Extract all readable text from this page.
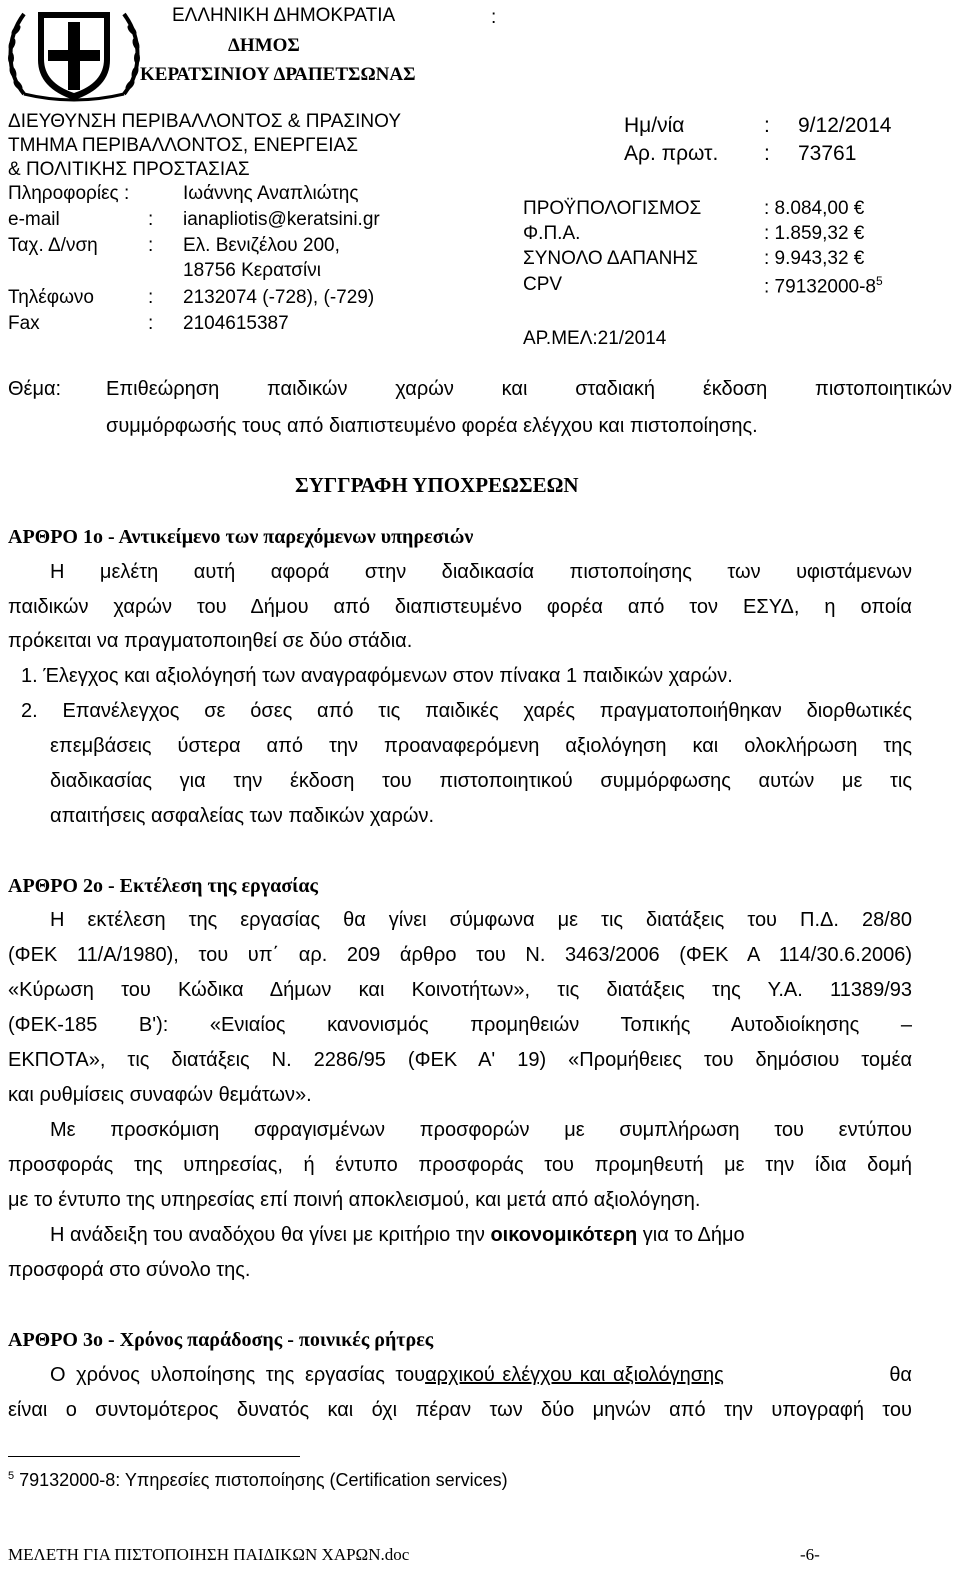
ΕΛΛΗΝΙΚΗ ΔΗΜΟΚΡΑΤΙΑ
ΔΗΜΟΣ
ΚΕΡΑΤΣΙΝΙΟΥ ΔΡΑΠΕΤΣΩΝΑΣ
:
ΔΙΕΥΘΥΝΣΗ ΠΕΡΙΒΑΛΛΟΝΤΟΣ & ΠΡΑΣΙΝΟΥ
ΤΜΗΜΑ ΠΕΡΙΒΑΛΛΟΝΤΟΣ, ΕΝΕΡΓΕΙΑΣ
& ΠΟΛΙΤΙΚΗΣ ΠΡΟΣΤΑΣΙΑΣ
Πληροφορίες :	Ιωάννης Αναπλιώτης
e-mail	: ianapliotis@keratsini.gr
Ταχ. Δ/νση	: Ελ. Βενιζέλου 200,
18756 Κερατσίνι
Τηλέφωνο	: 2132074 (-728), (-729)
Fax	: 2104615387
Ημ/νία	: 9/12/2014
Αρ. πρωτ. : 73761
ΠΡΟΫΠΟΛΟΓΙΣΜΟΣ	: 8.084,00 €
Φ.Π.Α.	: 1.859,32 €
ΣΥΝΟΛΟ ΔΑΠΑΝΗΣ	: 9.943,32 €
CPV	: $79132000-8^5$
ΑΡ.ΜΕΛ:21/2014
Θέμα: Επιθεώρηση παιδικών χαρών και σταδιακή έκδοση πιστοποιητικών
συμμόρφωσής τους από διαπιστευμένο φορέα ελέγχου και πιστοποίησης.
ΣΥΓΓΡΑΦΗ ΥΠΟΧΡΕΩΣΕΩΝ
ΑΡΘΡΟ 1ο - Αντικείμενο των παρεχόμενων υπηρεσιών
Η μελέτη αυτή αφορά στην διαδικασία πιστοποίησης των υφιστάμενων
παιδικών χαρών του Δήμου από διαπιστευμένο φορέα από τον ΕΣΥΔ, η οποία
πρόκειται να πραγματοποιηθεί σε δύο στάδια.
1. Έλεγχος και αξιολόγησή των αναγραφόμενων στον πίνακα 1 παιδικών χαρών.
2. Επανέλεγχος σε όσες από τις παιδικές χαρές πραγματοποιήθηκαν διορθωτικές
επεμβάσεις ύστερα από την προαναφερόμενη αξιολόγηση και ολοκλήρωση της
διαδικασίας για την έκδοση του πιστοποιητικού συμμόρφωσης αυτών με τις
απαιτήσεις ασφαλείας των παδικών χαρών.
ΑΡΘΡΟ 2ο - Εκτέλεση της εργασίας
Η εκτέλεση της εργασίας θα γίνει σύμφωνα με τις διατάξεις του Π.Δ. 28/80
(ΦΕΚ 11/Α/1980), του υπ΄ αρ. 209 άρθρο του Ν. 3463/2006 (ΦΕΚ Α 114/30.6.2006)
«Κύρωση του Κώδικα Δήμων και Κοινοτήτων», τις διατάξεις της Υ.Α. 11389/93
(ΦΕΚ-185 Β'): «Ενιαίος κανονισμός προμηθειών Τοπικής Αυτοδιοίκησης –
ΕΚΠΟΤΑ», τις διατάξεις Ν. 2286/95 (ΦΕΚ Α' 19) «Προμήθειες του δημόσιου τομέα
και ρυθμίσεις συναφών θεμάτων».
Με προσκόμιση σφραγισμένων προσφορών με συμπλήρωση του εντύπου
προσφοράς της υπηρεσίας, ή έντυπο προσφοράς του προμηθευτή με την ίδια δομή
με το έντυπο της υπηρεσίας επί ποινή αποκλεισμού, και μετά από αξιολόγηση.
Η ανάδειξη του αναδόχου θα γίνει με κριτήριο την οικονομικότερη για το Δήμο
προσφορά στο σύνολο της.
ΑΡΘΡΟ 3ο - Χρόνος παράδοσης - ποινικές ρήτρες
Ο χρόνος υλοποίησης της εργασίας του αρχικού ελέγχου και αξιολόγησης	θα
είναι ο συντομότερος δυνατός και όχι πέραν των δύο μηνών από την υπογραφή του
$^5$ 79132000-8: Υπηρεσίες πιστοποίησης (Certification services)
ΜΕΛΕΤΗ ΓΙΑ ΠΙΣΤΟΠΟΙΗΣΗ ΠΑΙΔΙΚΩΝ ΧΑΡΩΝ.doc	-6-
